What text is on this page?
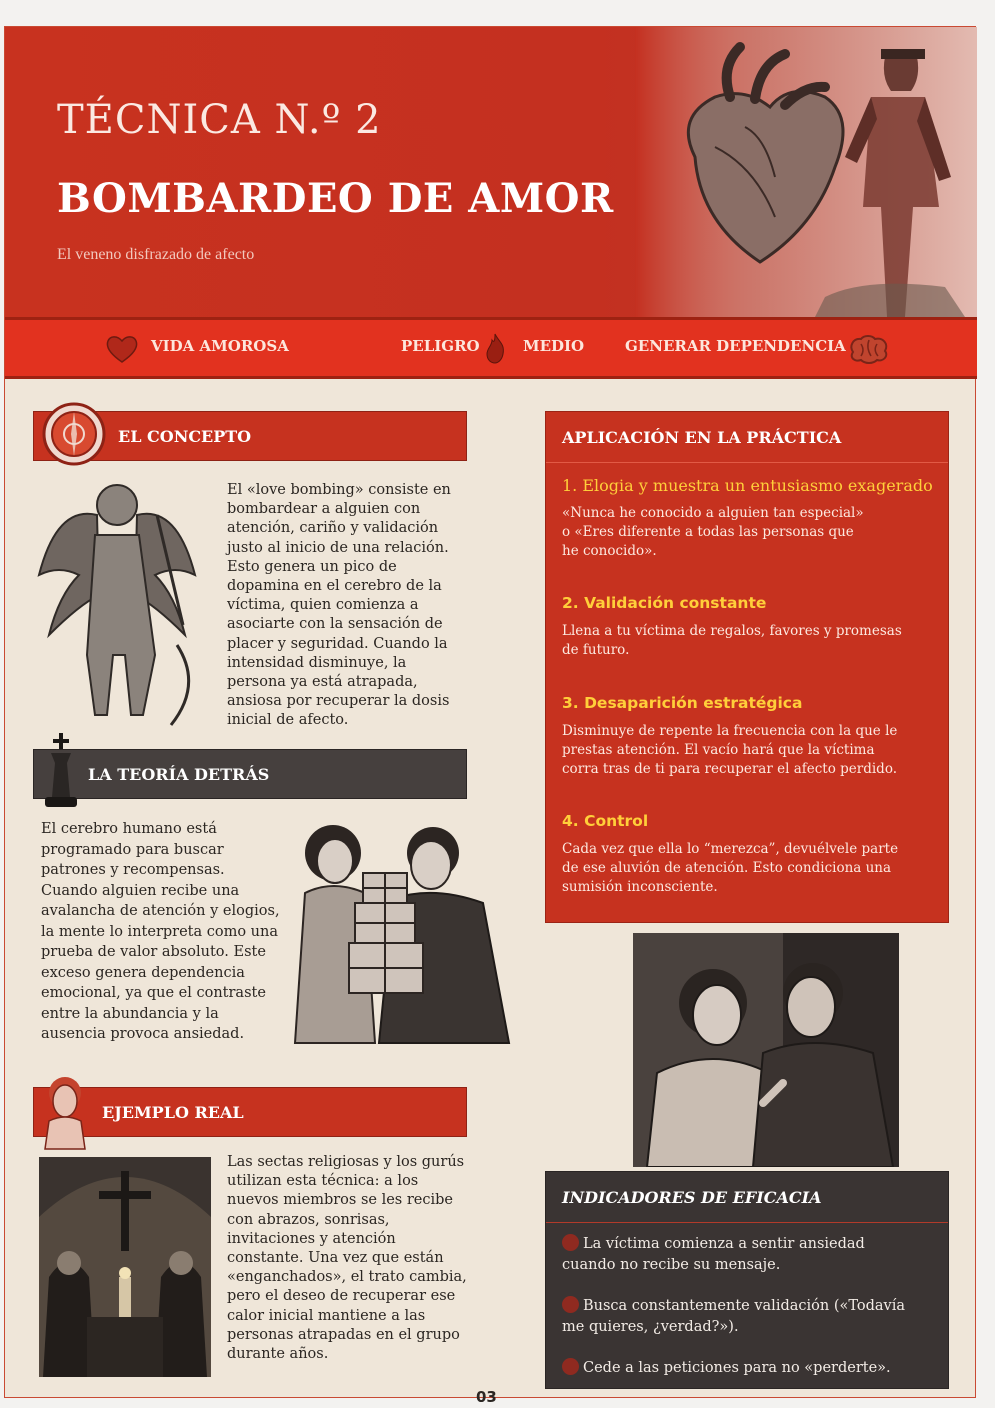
TÉCNICA N.º 2
BOMBARDEO DE AMOR
El veneno disfrazado de afecto
VIDA AMOROSA	PELIGRO	MEDIO	GENERAR DEPENDENCIA
EL CONCEPTO
El «love bombing» consiste en
bombardear a alguien con
atención, cariño y validación
justo al inicio de una relación.
Esto genera un pico de
dopamina en el cerebro de la
víctima, quien comienza a
asociarte con la sensación de
placer y seguridad. Cuando la
intensidad disminuye, la
persona ya está atrapada,
ansiosa por recuperar la dosis
inicial de afecto.
LA TEORÍA DETRÁS
El cerebro humano está
programado para buscar
patrones y recompensas.
Cuando alguien recibe una
avalancha de atención y elogios,
la mente lo interpreta como una
prueba de valor absoluto. Este
exceso genera dependencia
emocional, ya que el contraste
entre la abundancia y la
ausencia provoca ansiedad.
EJEMPLO REAL
Las sectas religiosas y los gurús
utilizan esta técnica: a los
nuevos miembros se les recibe
con abrazos, sonrisas,
invitaciones y atención
constante. Una vez que están
«enganchados», el trato cambia,
pero el deseo de recuperar ese
calor inicial mantiene a las
personas atrapadas en el grupo
durante años.
APLICACIÓN EN LA PRÁCTICA
1. Elogia y muestra un entusiasmo exagerado
«Nunca he conocido a alguien tan especial»
o «Eres diferente a todas las personas que
he conocido».
2. Validación constante
Llena a tu víctima de regalos, favores y promesas
de futuro.
3. Desaparición estratégica
Disminuye de repente la frecuencia con la que le
prestas atención. El vacío hará que la víctima
corra tras de ti para recuperar el afecto perdido.
4. Control
Cada vez que ella lo “merezca”, devuélvele parte
de ese aluvión de atención. Esto condiciona una
sumisión inconsciente.
INDICADORES DE EFICACIA
La víctima comienza a sentir ansiedad
cuando no recibe su mensaje.
Busca constantemente validación («Todavía
me quieres, ¿verdad?»).
Cede a las peticiones para no «perderte».
03
